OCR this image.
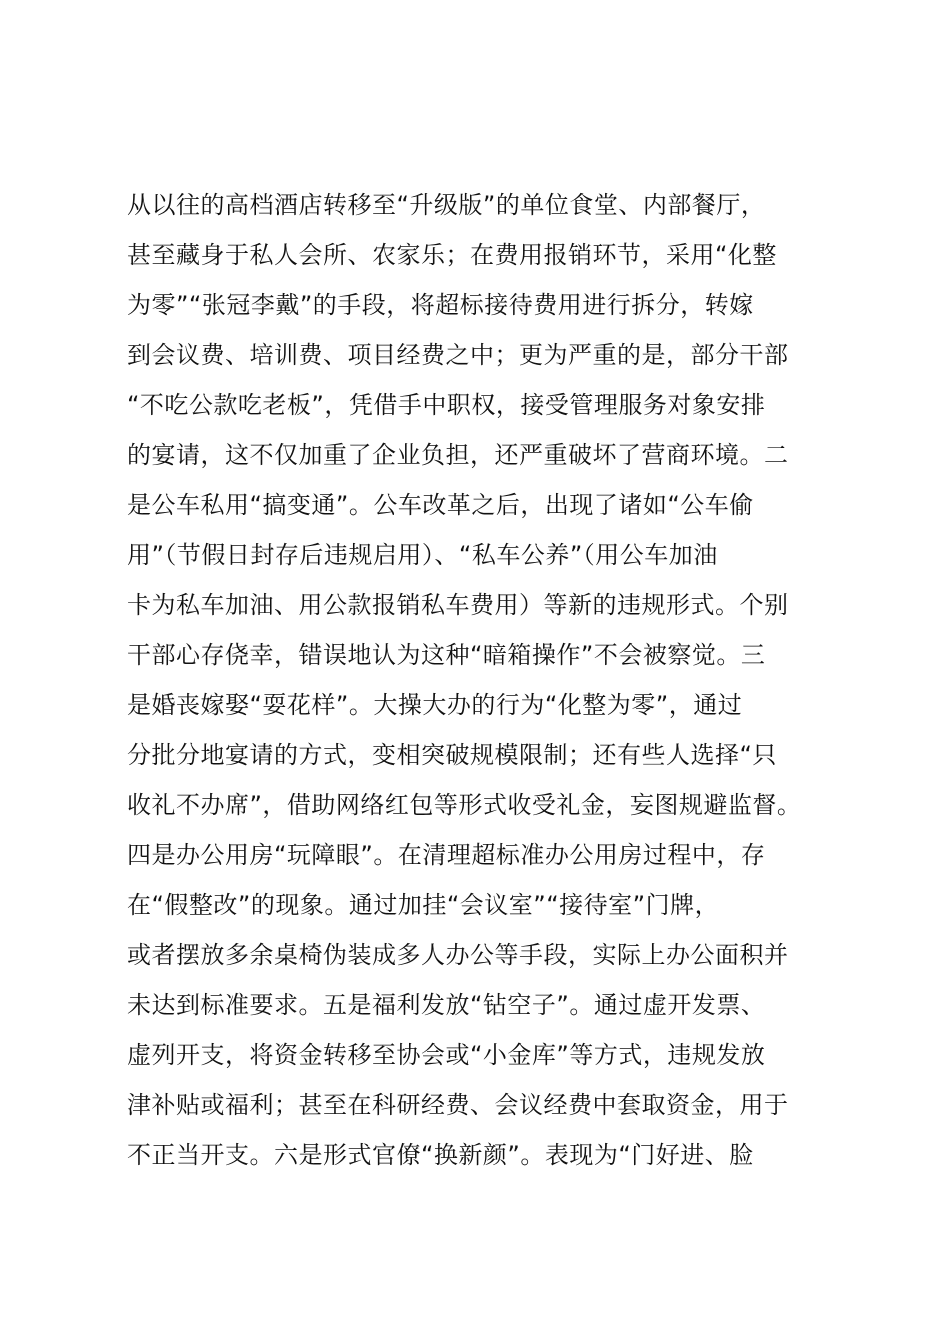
从以往的高档酒店转移至“升级版”的单位食堂、内部餐厅，
甚至藏身于私人会所、农家乐；在费用报销环节，采用“化整
为零”“张冠李戴”的手段，将超标接待费用进行拆分，转嫁
到会议费、培训费、项目经费之中；更为严重的是，部分干部
“不吃公款吃老板”，凭借手中职权，接受管理服务对象安排
的宴请，这不仅加重了企业负担，还严重破坏了营商环境。二
是公车私用“搞变通”。公车改革之后，出现了诸如“公车偷
用”（节假日封存后违规启用）、“私车公养”（用公车加油
卡为私车加油、用公款报销私车费用）等新的违规形式。个别
干部心存侥幸，错误地认为这种“暗箱操作”不会被察觉。三
是婚丧嫁娶“耍花样”。大操大办的行为“化整为零”，通过
分批分地宴请的方式，变相突破规模限制；还有些人选择“只
收礼不办席”，借助网络红包等形式收受礼金，妄图规避监督。
四是办公用房“玩障眼”。在清理超标准办公用房过程中，存
在“假整改”的现象。通过加挂“会议室”“接待室”门牌，
或者摆放多余桌椅伪装成多人办公等手段，实际上办公面积并
未达到标准要求。五是福利发放“钻空子”。通过虚开发票、
虚列开支，将资金转移至协会或“小金库”等方式，违规发放
津补贴或福利；甚至在科研经费、会议经费中套取资金，用于
不正当开支。六是形式官僚“换新颜”。表现为“门好进、脸
